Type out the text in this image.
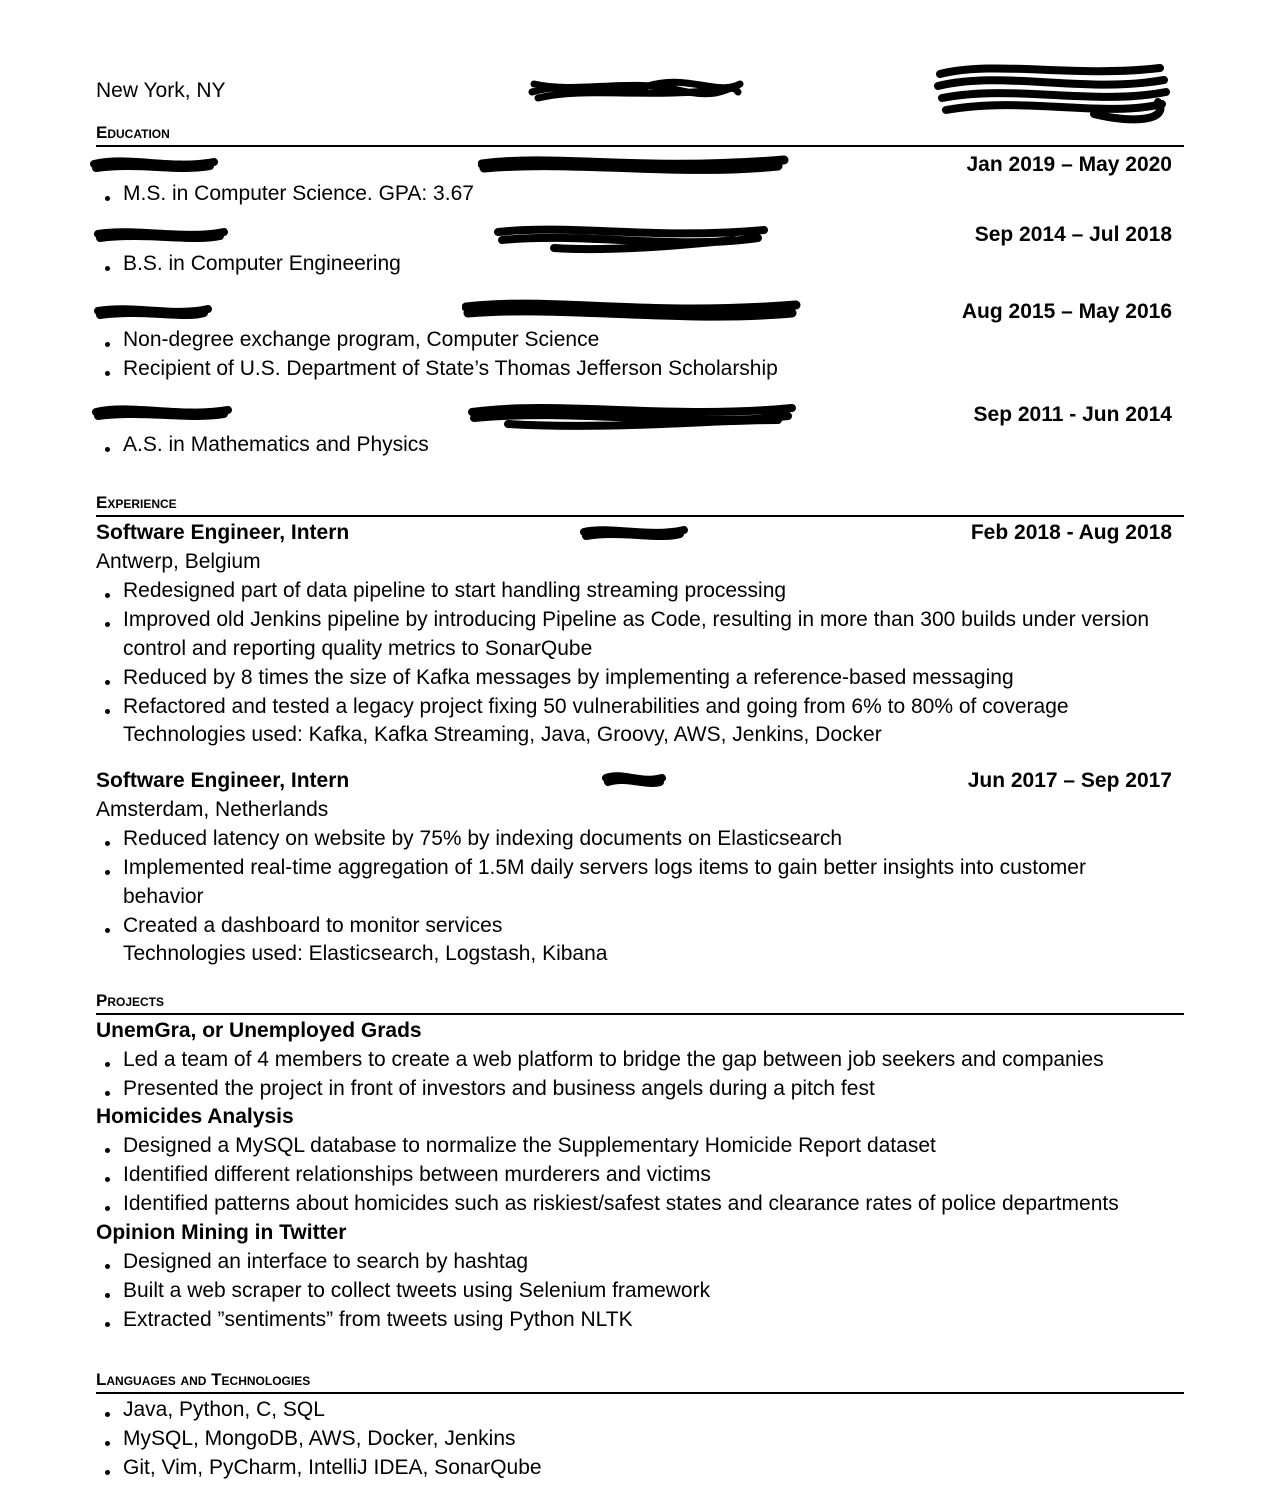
New York, NY
Education
Jan 2019 – May 2020
M.S. in Computer Science. GPA: 3.67
Sep 2014 – Jul 2018
B.S. in Computer Engineering
Aug 2015 – May 2016
Non-degree exchange program, Computer Science
Recipient of U.S. Department of State’s Thomas Jefferson Scholarship
Sep 2011 - Jun 2014
A.S. in Mathematics and Physics
Experience
Software Engineer, Intern	Feb 2018 - Aug 2018
Antwerp, Belgium
Redesigned part of data pipeline to start handling streaming processing
Improved old Jenkins pipeline by introducing Pipeline as Code, resulting in more than 300 builds under version control and reporting quality metrics to SonarQube
Reduced by 8 times the size of Kafka messages by implementing a reference-based messaging
Refactored and tested a legacy project fixing 50 vulnerabilities and going from 6% to 80% of coverage
Technologies used: Kafka, Kafka Streaming, Java, Groovy, AWS, Jenkins, Docker
Software Engineer, Intern	Jun 2017 – Sep 2017
Amsterdam, Netherlands
Reduced latency on website by 75% by indexing documents on Elasticsearch
Implemented real-time aggregation of 1.5M daily servers logs items to gain better insights into customer behavior
Created a dashboard to monitor services
Technologies used: Elasticsearch, Logstash, Kibana
Projects
UnemGra, or Unemployed Grads
Led a team of 4 members to create a web platform to bridge the gap between job seekers and companies
Presented the project in front of investors and business angels during a pitch fest
Homicides Analysis
Designed a MySQL database to normalize the Supplementary Homicide Report dataset
Identified different relationships between murderers and victims
Identified patterns about homicides such as riskiest/safest states and clearance rates of police departments
Opinion Mining in Twitter
Designed an interface to search by hashtag
Built a web scraper to collect tweets using Selenium framework
Extracted ”sentiments” from tweets using Python NLTK
Languages and Technologies
Java, Python, C, SQL
MySQL, MongoDB, AWS, Docker, Jenkins
Git, Vim, PyCharm, IntelliJ IDEA, SonarQube
